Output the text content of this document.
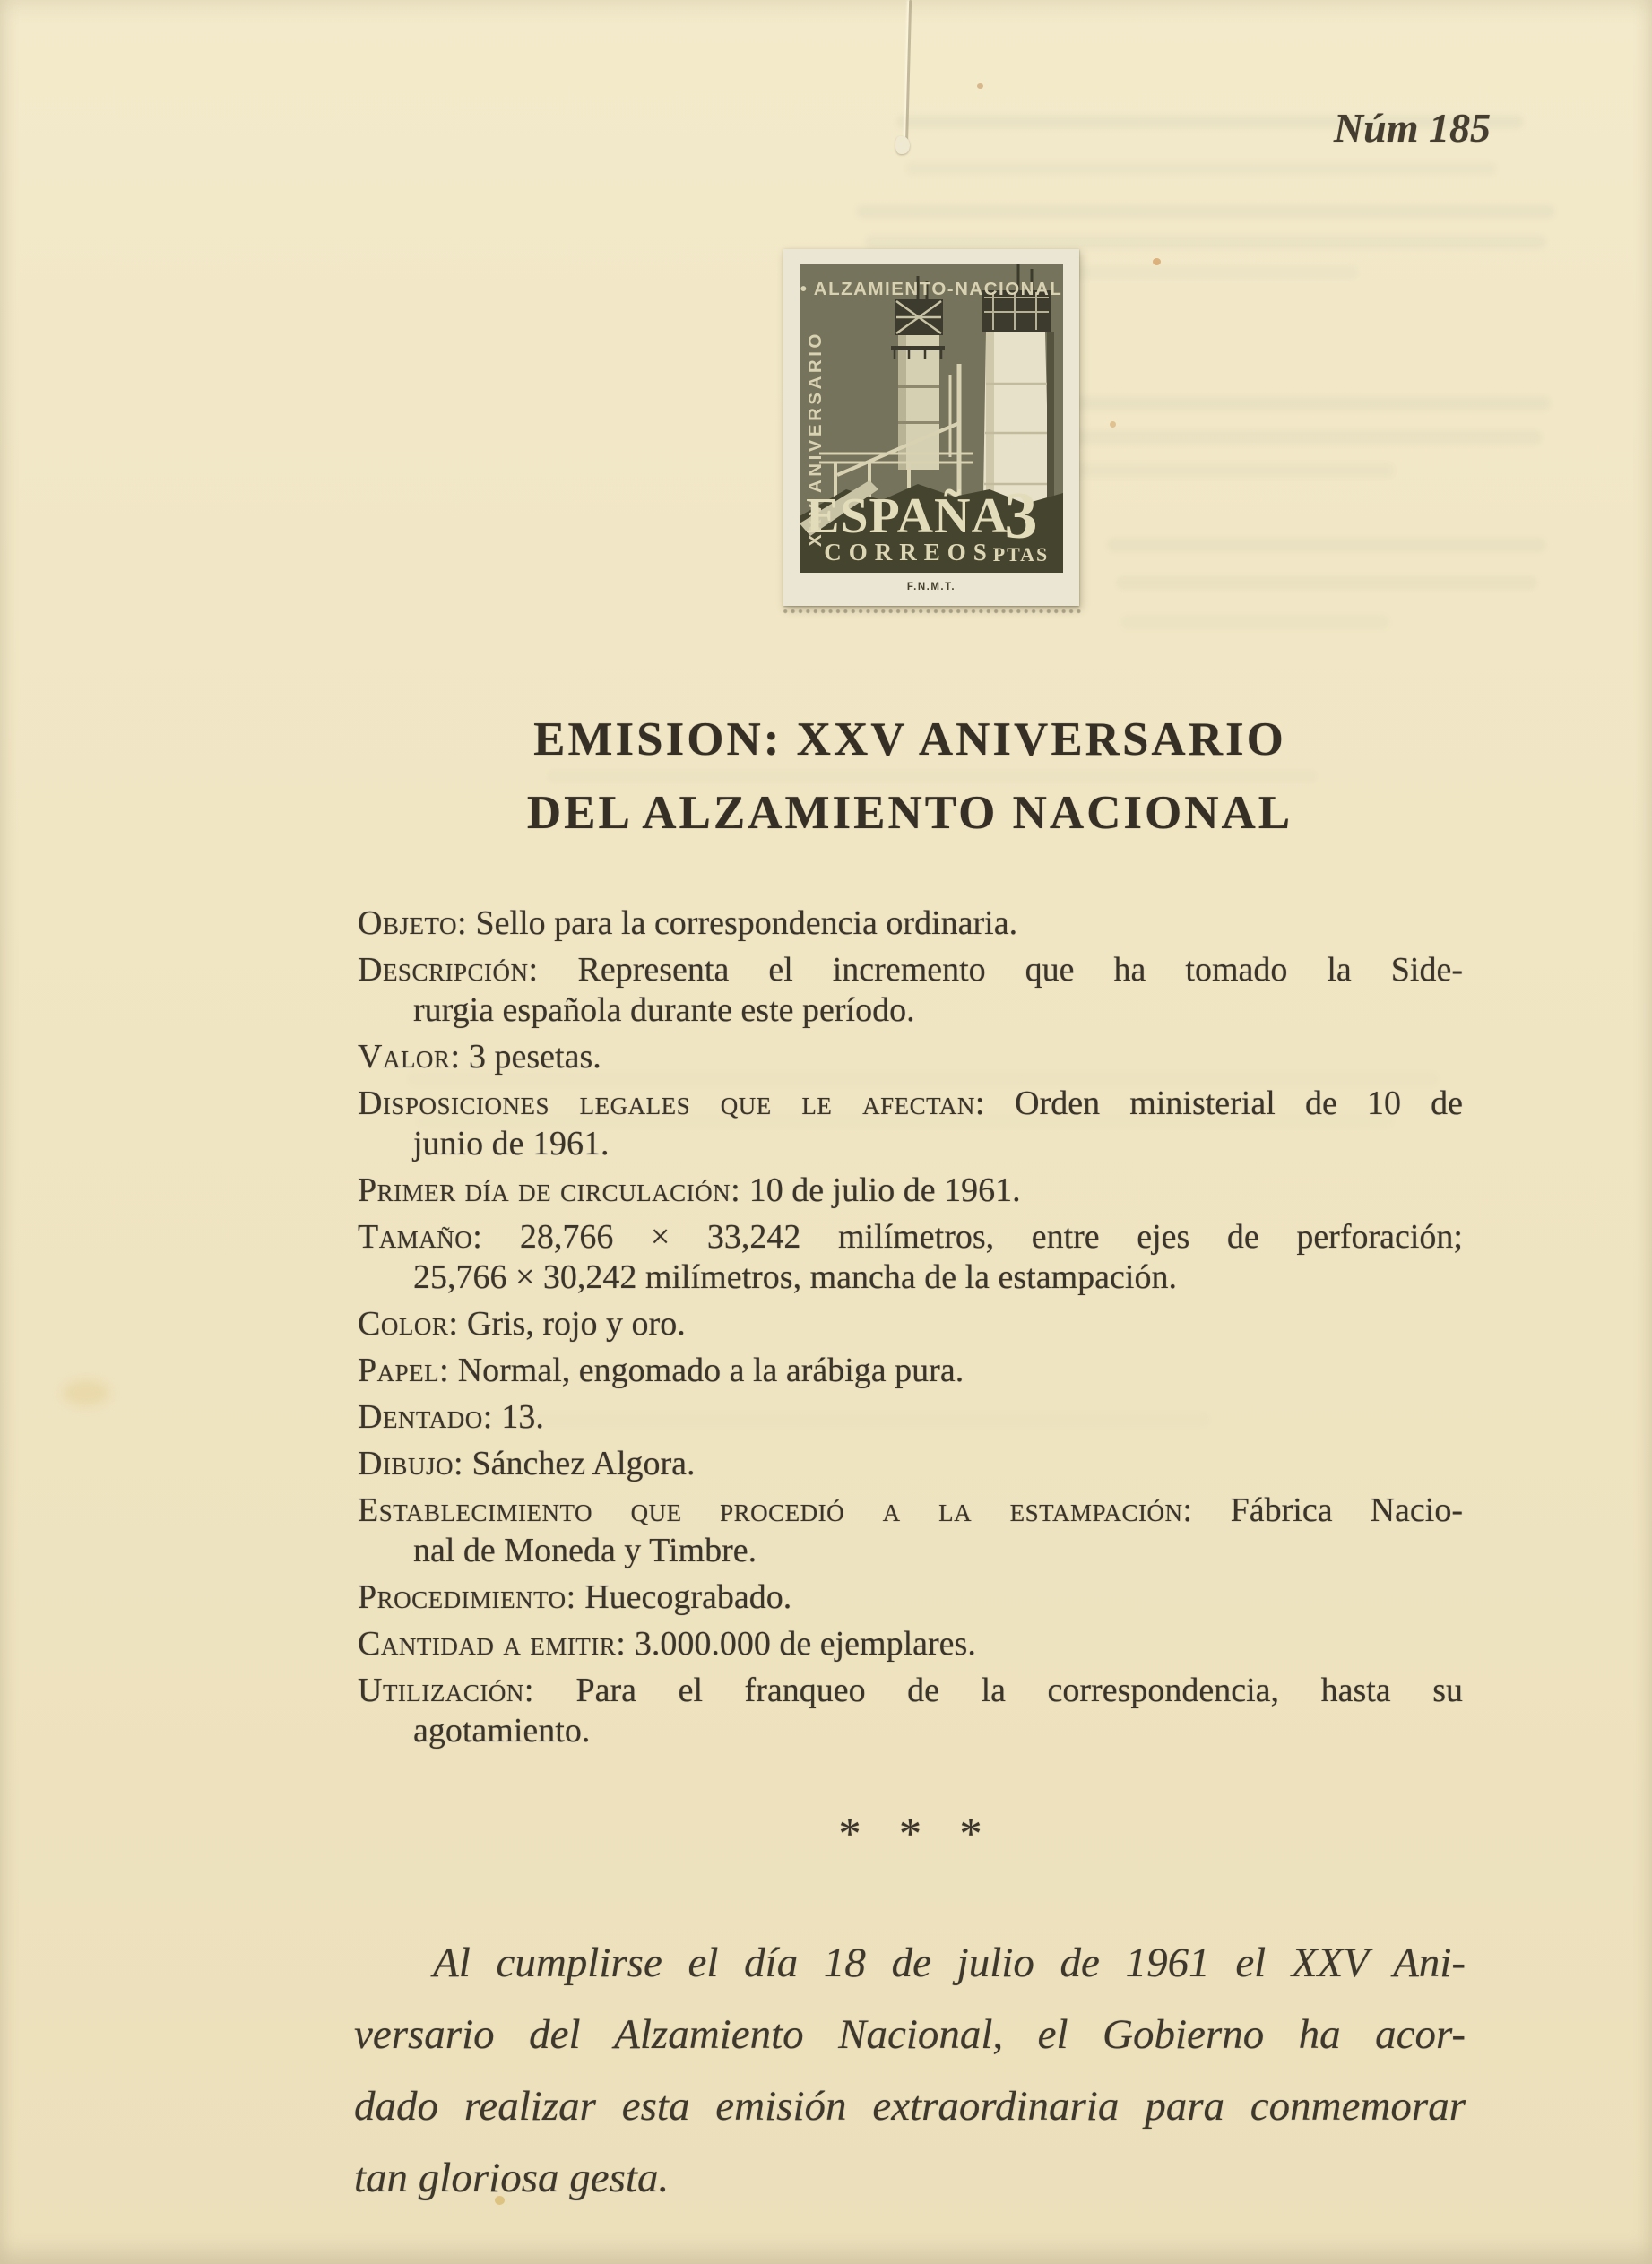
Núm 185
• ALZAMIENTO-NACIONAL
XXV ANIVERSARIO
ESPAÑA
CORREOS 3
PTAS
F.N.M.T.
EMISION: XXV ANIVERSARIO
DEL ALZAMIENTO NACIONAL
Objeto: Sello para la correspondencia ordinaria.
Descripción: Representa el incremento que ha tomado la Side-
rurgia española durante este período.
Valor: 3 pesetas.
Disposiciones legales que le afectan: Orden ministerial de 10 de
junio de 1961.
Primer día de circulación: 10 de julio de 1961.
Tamaño: 28,766 × 33,242 milímetros, entre ejes de perforación;
25,766 × 30,242 milímetros, mancha de la estampación.
Color: Gris, rojo y oro.
Papel: Normal, engomado a la arábiga pura.
Dentado: 13.
Dibujo: Sánchez Algora.
Establecimiento que procedió a la estampación: Fábrica Nacio-
nal de Moneda y Timbre.
Procedimiento: Huecograbado.
Cantidad a emitir: 3.000.000 de ejemplares.
Utilización: Para el franqueo de la correspondencia, hasta su
agotamiento.
* * *
Al cumplirse el día 18 de julio de 1961 el XXV Ani-
versario del Alzamiento Nacional, el Gobierno ha acor-
dado realizar esta emisión extraordinaria para conmemorar
tan gloriosa gesta.
